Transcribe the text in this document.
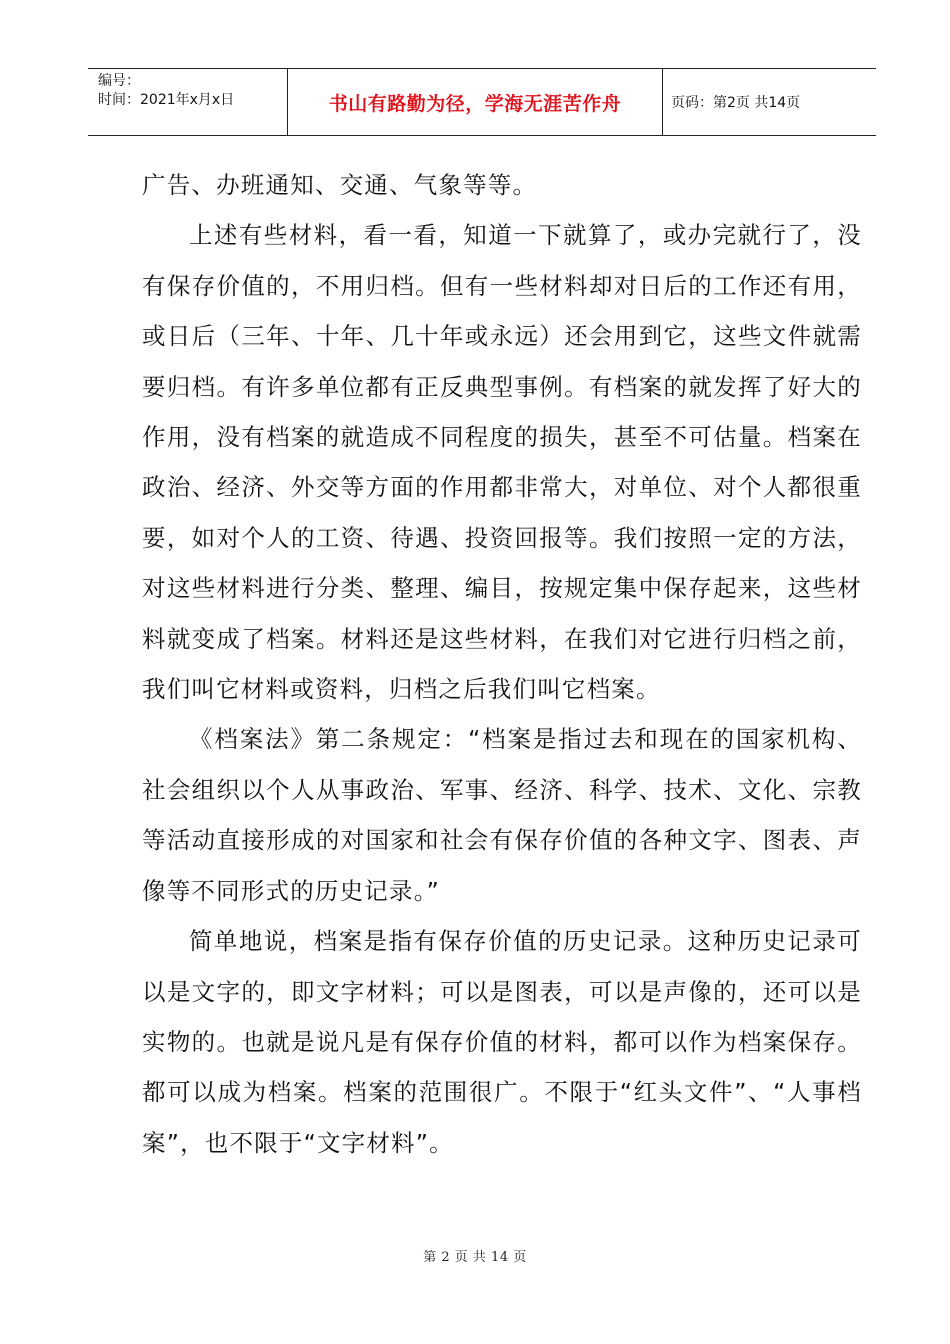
编号：
时间：2021年x月x日	书山有路勤为径，学海无涯苦作舟	页码：第2页 共14页

广告、办班通知、交通、气象等等。

上述有些材料，看一看，知道一下就算了，或办完就行了，没有保存价值的，不用归档。但有一些材料却对日后的工作还有用，或日后（三年、十年、几十年或永远）还会用到它，这些文件就需要归档。有许多单位都有正反典型事例。有档案的就发挥了好大的作用，没有档案的就造成不同程度的损失，甚至不可估量。档案在政治、经济、外交等方面的作用都非常大，对单位、对个人都很重要，如对个人的工资、待遇、投资回报等。我们按照一定的方法，对这些材料进行分类、整理、编目，按规定集中保存起来，这些材料就变成了档案。材料还是这些材料，在我们对它进行归档之前，我们叫它材料或资料，归档之后我们叫它档案。

《档案法》第二条规定：“档案是指过去和现在的国家机构、社会组织以个人从事政治、军事、经济、科学、技术、文化、宗教等活动直接形成的对国家和社会有保存价值的各种文字、图表、声像等不同形式的历史记录。”

简单地说，档案是指有保存价值的历史记录。这种历史记录可以是文字的，即文字材料；可以是图表，可以是声像的，还可以是实物的。也就是说凡是有保存价值的材料，都可以作为档案保存。都可以成为档案。档案的范围很广。不限于“红头文件”、“人事档案”，也不限于“文字材料”。

第 2 页 共 14 页
